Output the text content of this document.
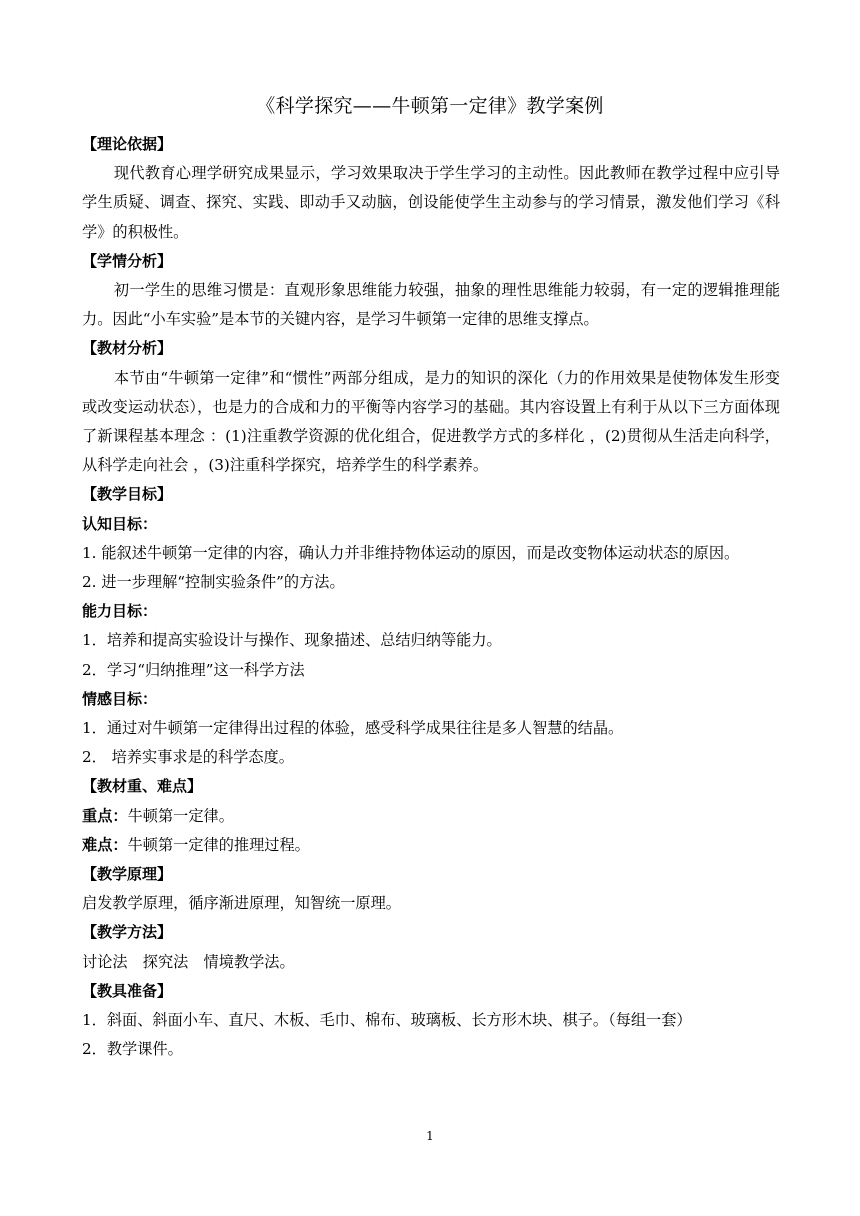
《科学探究——牛顿第一定律》教学案例

【理论依据】

现代教育心理学研究成果显示，学习效果取决于学生学习的主动性。因此教师在教学过程中应引导学生质疑、调查、探究、实践、即动手又动脑，创设能使学生主动参与的学习情景，激发他们学习《科学》的积极性。

【学情分析】

初一学生的思维习惯是：直观形象思维能力较强，抽象的理性思维能力较弱，有一定的逻辑推理能力。因此“小车实验”是本节的关键内容，是学习牛顿第一定律的思维支撑点。

【教材分析】

本节由“牛顿第一定律”和“惯性”两部分组成，是力的知识的深化（力的作用效果是使物体发生形变或改变运动状态），也是力的合成和力的平衡等内容学习的基础。其内容设置上有利于从以下三方面体现了新课程基本理念 ：(1)注重教学资源的优化组合，促进教学方式的多样化 ，(2)贯彻从生活走向科学，从科学走向社会 ，(3)注重科学探究，培养学生的科学素养。

【教学目标】

认知目标：

1. 能叙述牛顿第一定律的内容，确认力并非维持物体运动的原因，而是改变物体运动状态的原因。

2. 进一步理解“控制实验条件”的方法。

能力目标：

1．培养和提高实验设计与操作、现象描述、总结归纳等能力。

2．学习“归纳推理”这一科学方法

情感目标：

1．通过对牛顿第一定律得出过程的体验，感受科学成果往往是多人智慧的结晶。

2． 培养实事求是的科学态度。

【教材重、难点】

重点：牛顿第一定律。

难点：牛顿第一定律的推理过程。

【教学原理】

启发教学原理，循序渐进原理，知智统一原理。

【教学方法】

讨论法　探究法　情境教学法。

【教具准备】

1．斜面、斜面小车、直尺、木板、毛巾、棉布、玻璃板、长方形木块、棋子。（每组一套）

2．教学课件。

1
